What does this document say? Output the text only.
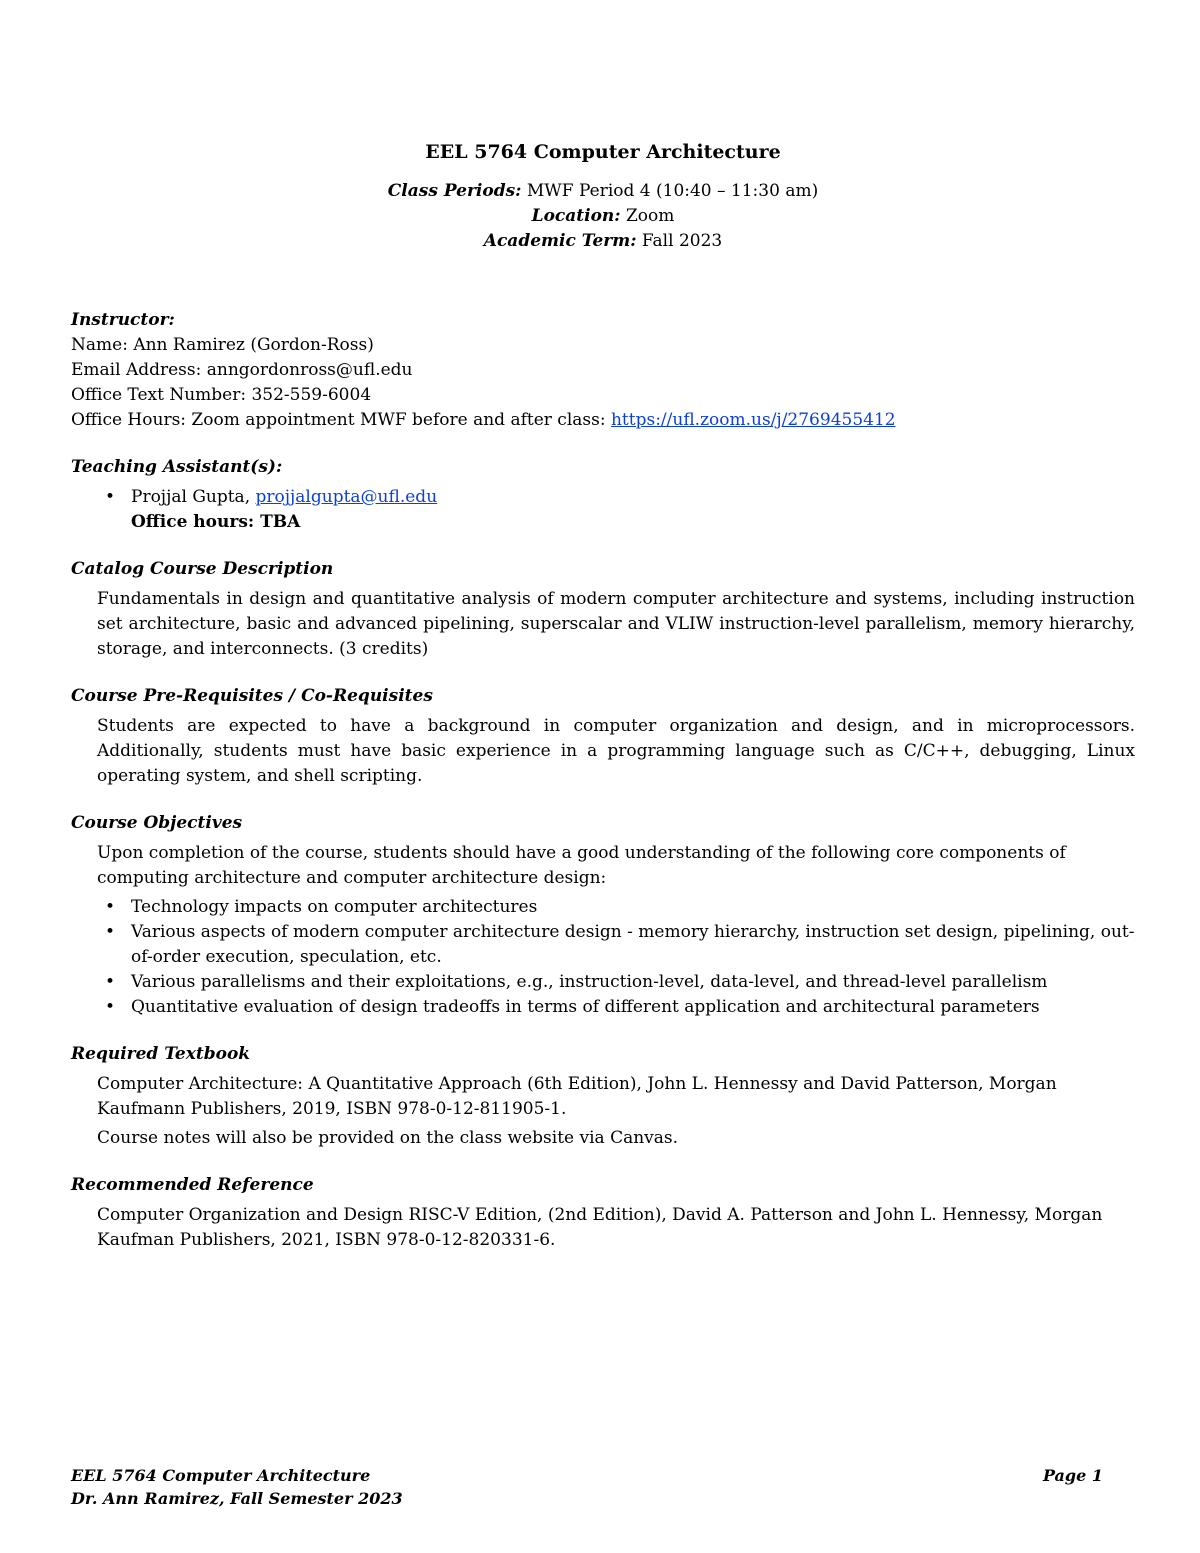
EEL 5764 Computer Architecture

Class Periods: MWF Period 4 (10:40 – 11:30 am)

Location: Zoom

Academic Term: Fall 2023

Instructor:

Name: Ann Ramirez (Gordon-Ross)

Email Address: anngordonross@ufl.edu

Office Text Number: 352-559-6004

Office Hours: Zoom appointment MWF before and after class: https://ufl.zoom.us/j/2769455412

Teaching Assistant(s):

• Projjal Gupta, projjalgupta@ufl.edu
Office hours: TBA

Catalog Course Description

Fundamentals in design and quantitative analysis of modern computer architecture and systems, including instruction set architecture, basic and advanced pipelining, superscalar and VLIW instruction-level parallelism, memory hierarchy, storage, and interconnects. (3 credits)

Course Pre-Requisites / Co-Requisites

Students are expected to have a background in computer organization and design, and in microprocessors. Additionally, students must have basic experience in a programming language such as C/C++, debugging, Linux operating system, and shell scripting.

Course Objectives

Upon completion of the course, students should have a good understanding of the following core components of computing architecture and computer architecture design:

• Technology impacts on computer architectures
• Various aspects of modern computer architecture design - memory hierarchy, instruction set design, pipelining, out-of-order execution, speculation, etc.
• Various parallelisms and their exploitations, e.g., instruction-level, data-level, and thread-level parallelism
• Quantitative evaluation of design tradeoffs in terms of different application and architectural parameters

Required Textbook

Computer Architecture: A Quantitative Approach (6th Edition), John L. Hennessy and David Patterson, Morgan Kaufmann Publishers, 2019, ISBN 978-0-12-811905-1.

Course notes will also be provided on the class website via Canvas.

Recommended Reference

Computer Organization and Design RISC-V Edition, (2nd Edition), David A. Patterson and John L. Hennessy, Morgan Kaufman Publishers, 2021, ISBN 978-0-12-820331-6.

EEL 5764 Computer Architecture
Dr. Ann Ramirez, Fall Semester 2023
Page 1
